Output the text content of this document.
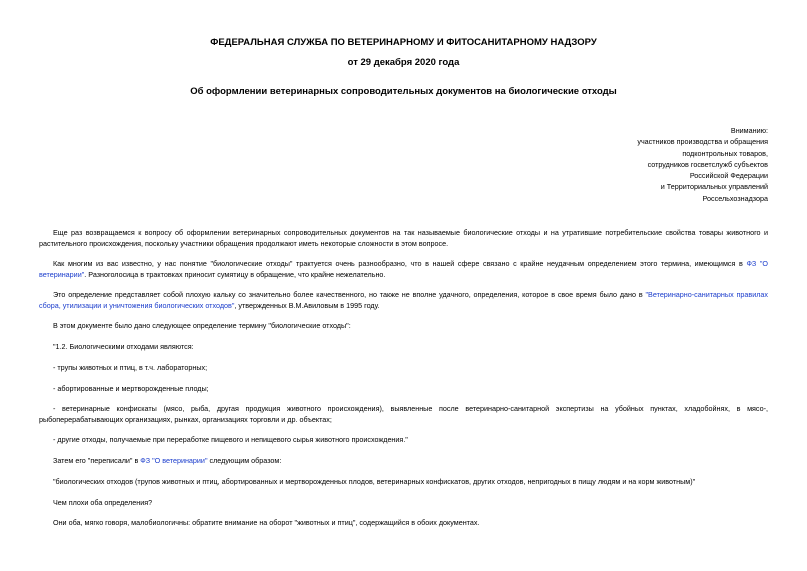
ФЕДЕРАЛЬНАЯ СЛУЖБА ПО ВЕТЕРИНАРНОМУ И ФИТОСАНИТАРНОМУ НАДЗОРУ
от 29 декабря 2020 года
Об оформлении ветеринарных сопроводительных документов на биологические отходы
Вниманию:
участников производства и обращения
подконтрольных товаров,
сотрудников госветслужб субъектов
Российской Федерации
и Территориальных управлений
Россельхознадзора
Еще раз возвращаемся к вопросу об оформлении ветеринарных сопроводительных документов на так называемые биологические отходы и на утратившие потребительские свойства товары животного и растительного происхождения, поскольку участники обращения продолжают иметь некоторые сложности в этом вопросе.
Как многим из вас известно, у нас понятие "биологические отходы" трактуется очень разнообразно, что в нашей сфере связано с крайне неудачным определением этого термина, имеющимся в ФЗ "О ветеринарии". Разноголосица в трактовках приносит сумятицу в обращение, что крайне нежелательно.
Это определение представляет собой плохую кальку со значительно более качественного, но также не вполне удачного, определения, которое в свое время было дано в "Ветеринарно-санитарных правилах сбора, утилизации и уничтожения биологических отходов", утвержденных В.М.Авиловым в 1995 году.
В этом документе было дано следующее определение термину "биологические отходы":
"1.2. Биологическими отходами являются:
- трупы животных и птиц, в т.ч. лабораторных;
- абортированные и мертворожденные плоды;
- ветеринарные конфискаты (мясо, рыба, другая продукция животного происхождения), выявленные после ветеринарно-санитарной экспертизы на убойных пунктах, хладобойнях, в мясо-, рыбоперерабатывающих организациях, рынках, организациях торговли и др. объектах;
- другие отходы, получаемые при переработке пищевого и непищевого сырья животного происхождения."
Затем его "переписали" в ФЗ "О ветеринарии" следующим образом:
"биологических отходов (трупов животных и птиц, абортированных и мертворожденных плодов, ветеринарных конфискатов, других отходов, непригодных в пищу людям и на корм животным)"
Чем плохи оба определения?
Они оба, мягко говоря, малобиологичны: обратите внимание на оборот "животных и птиц", содержащийся в обоих документах.
